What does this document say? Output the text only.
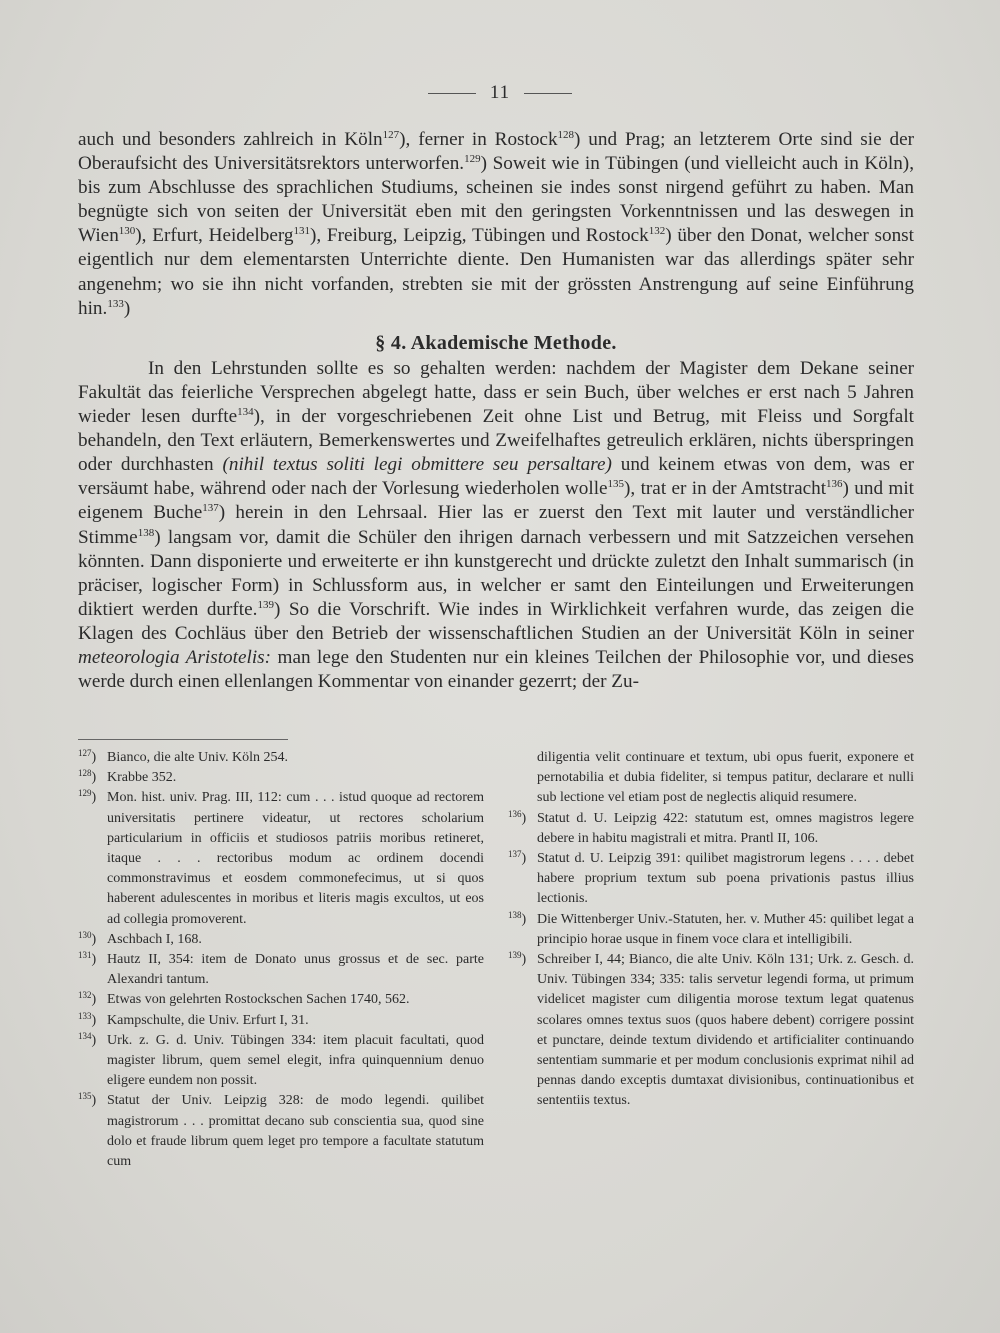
11

auch und besonders zahlreich in Köln$^{127}$), ferner in Rostock$^{128}$) und Prag; an letzterem Orte sind sie der Oberaufsicht des Universitätsrektors unterworfen.$^{129}$) Soweit wie in Tübingen (und vielleicht auch in Köln), bis zum Abschlusse des sprachlichen Studiums, scheinen sie indes sonst nirgend geführt zu haben. Man begnügte sich von seiten der Universität eben mit den geringsten Vorkenntnissen und las deswegen in Wien$^{130}$), Erfurt, Heidelberg$^{131}$), Freiburg, Leipzig, Tübingen und Rostock$^{132}$) über den Donat, welcher sonst eigentlich nur dem elementarsten Unterrichte diente. Den Humanisten war das allerdings später sehr angenehm; wo sie ihn nicht vorfanden, strebten sie mit der grössten Anstrengung auf seine Einführung hin.$^{133}$)

§ 4. Akademische Methode.

In den Lehrstunden sollte es so gehalten werden: nachdem der Magister dem Dekane seiner Fakultät das feierliche Versprechen abgelegt hatte, dass er sein Buch, über welches er erst nach 5 Jahren wieder lesen durfte$^{134}$), in der vorgeschriebenen Zeit ohne List und Betrug, mit Fleiss und Sorgfalt behandeln, den Text erläutern, Bemerkenswertes und Zweifelhaftes getreulich erklären, nichts überspringen oder durchhasten (nihil textus soliti legi obmittere seu persaltare) und keinem etwas von dem, was er versäumt habe, während oder nach der Vorlesung wiederholen wolle$^{135}$), trat er in der Amtstracht$^{136}$) und mit eigenem Buche$^{137}$) herein in den Lehrsaal. Hier las er zuerst den Text mit lauter und verständlicher Stimme$^{138}$) langsam vor, damit die Schüler den ihrigen darnach verbessern und mit Satzzeichen versehen könnten. Dann disponierte und erweiterte er ihn kunstgerecht und drückte zuletzt den Inhalt summarisch (in präciser, logischer Form) in Schlussform aus, in welcher er samt den Einteilungen und Erweiterungen diktiert werden durfte.$^{139}$) So die Vorschrift. Wie indes in Wirklichkeit verfahren wurde, das zeigen die Klagen des Cochläus über den Betrieb der wissenschaftlichen Studien an der Universität Köln in seiner meteorologia Aristotelis: man lege den Studenten nur ein kleines Teilchen der Philosophie vor, und dieses werde durch einen ellenlangen Kommentar von einander gezerrt; der Zu-

$^{127}$) Bianco, die alte Univ. Köln 254.
$^{128}$) Krabbe 352.
$^{129}$) Mon. hist. univ. Prag. III, 112: cum . . . istud quoque ad rectorem universitatis pertinere videatur, ut rectores scholarium particularium in officiis et studiosos patriis moribus retineret, itaque . . . rectoribus modum ac ordinem docendi commonstravimus et eosdem commonefecimus, ut si quos haberent adulescentes in moribus et literis magis excultos, ut eos ad collegia promoverent.
$^{130}$) Aschbach I, 168.
$^{131}$) Hautz II, 354: item de Donato unus grossus et de sec. parte Alexandri tantum.
$^{132}$) Etwas von gelehrten Rostockschen Sachen 1740, 562.
$^{133}$) Kampschulte, die Univ. Erfurt I, 31.
$^{134}$) Urk. z. G. d. Univ. Tübingen 334: item placuit facultati, quod magister librum, quem semel elegit, infra quinquennium denuo eligere eundem non possit.
$^{135}$) Statut der Univ. Leipzig 328: de modo legendi. quilibet magistrorum . . . promittat decano sub conscientia sua, quod sine dolo et fraude librum quem leget pro tempore a facultate statutum cum
diligentia velit continuare et textum, ubi opus fuerit, exponere et pernotabilia et dubia fideliter, si tempus patitur, declarare et nulli sub lectione vel etiam post de neglectis aliquid resumere.
$^{136}$) Statut d. U. Leipzig 422: statutum est, omnes magistros legere debere in habitu magistrali et mitra. Prantl II, 106.
$^{137}$) Statut d. U. Leipzig 391: quilibet magistrorum legens . . . . debet habere proprium textum sub poena privationis pastus illius lectionis.
$^{138}$) Die Wittenberger Univ.-Statuten, her. v. Muther 45: quilibet legat a principio horae usque in finem voce clara et intelligibili.
$^{139}$) Schreiber I, 44; Bianco, die alte Univ. Köln 131; Urk. z. Gesch. d. Univ. Tübingen 334; 335: talis servetur legendi forma, ut primum videlicet magister cum diligentia morose textum legat quatenus scolares omnes textus suos (quos habere debent) corrigere possint et punctare, deinde textum dividendo et artificialiter continuando sententiam summarie et per modum conclusionis exprimat nihil ad pennas dando exceptis dumtaxat divisionibus, continuationibus et sententiis textus.
